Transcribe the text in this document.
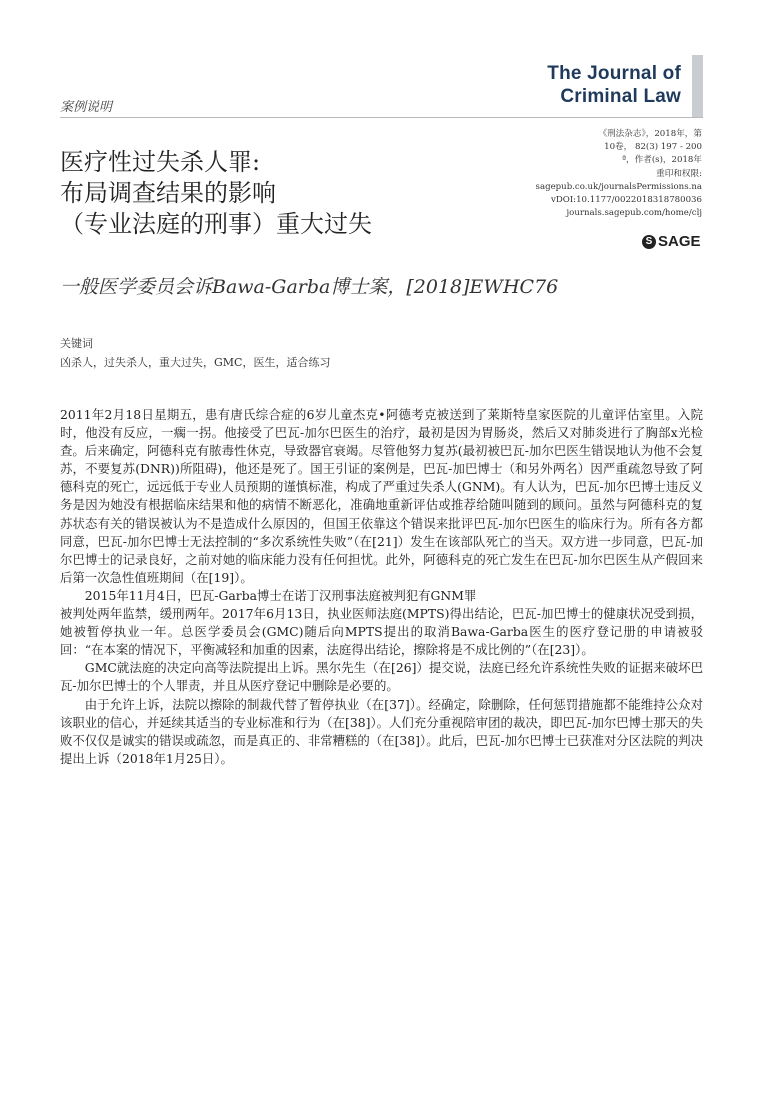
The Journal of
Criminal Law
案例说明
医疗性过失杀人罪:
布局调查结果的影响
（专业法庭的刑事）重大过失
《刑法杂志》，2018年，第
10卷， 82(3) 197 - 200
ª，作者(s)，2018年
重印和权限:
sagepub.co.uk/journalsPermissions.na
vDOI:10.1177/0022018318780036
journals.sagepub.com/home/clj
S SAGE
一般医学委员会诉Bawa-Garba博士案，[2018]EWHC76
关键词
凶杀人，过失杀人，重大过失，GMC，医生，适合练习

2011年2月18日星期五，患有唐氏综合症的6岁儿童杰克•阿德考克被送到了莱斯特皇家医院的儿童评估室里。入院时，他没有反应，一瘸一拐。他接受了巴瓦-加尔巴医生的治疗，最初是因为胃肠炎，然后又对肺炎进行了胸部x光检查。后来确定，阿德科克有脓毒性休克，导致器官衰竭。尽管他努力复苏(最初被巴瓦-加尔巴医生错误地认为他不会复苏，不要复苏(DNR))所阻碍)，他还是死了。国王引证的案例是，巴瓦-加巴博士（和另外两名）因严重疏忽导致了阿德科克的死亡，远远低于专业人员预期的谨慎标准，构成了严重过失杀人(GNM)。有人认为，巴瓦-加尔巴博士违反义务是因为她没有根据临床结果和他的病情不断恶化，准确地重新评估或推荐给随叫随到的顾问。虽然与阿德科克的复苏状态有关的错误被认为不是造成什么原因的，但国王依靠这个错误来批评巴瓦-加尔巴医生的临床行为。所有各方都同意，巴瓦-加尔巴博士无法控制的“多次系统性失败”（在[21]）发生在该部队死亡的当天。双方进一步同意，巴瓦-加尔巴博士的记录良好，之前对她的临床能力没有任何担忧。此外，阿德科克的死亡发生在巴瓦-加尔巴医生从产假回来后第一次急性值班期间（在[19]）。

2015年11月4日，巴瓦-Garba博士在诺丁汉刑事法庭被判犯有GNM罪

被判处两年监禁，缓刑两年。2017年6月13日，执业医师法庭(MPTS)得出结论，巴瓦-加巴博士的健康状况受到损，她被暂停执业一年。总医学委员会(GMC)随后向MPTS提出的取消Bawa-Garba医生的医疗登记册的申请被驳回：“在本案的情况下，平衡减轻和加重的因素，法庭得出结论，擦除将是不成比例的”（在[23]）。

GMC就法庭的决定向高等法院提出上诉。黑尔先生（在[26]）提交说，法庭已经允许系统性失败的证据来破坏巴瓦-加尔巴博士的个人罪责，并且从医疗登记中删除是必要的。

由于允许上诉，法院以擦除的制裁代替了暂停执业（在[37]）。经确定，除删除，任何惩罚措施都不能维持公众对该职业的信心，并延续其适当的专业标准和行为（在[38]）。人们充分重视陪审团的裁决，即巴瓦-加尔巴博士那天的失败不仅仅是诚实的错误或疏忽，而是真正的、非常糟糕的（在[38]）。此后，巴瓦-加尔巴博士已获准对分区法院的判决提出上诉（2018年1月25日）。
